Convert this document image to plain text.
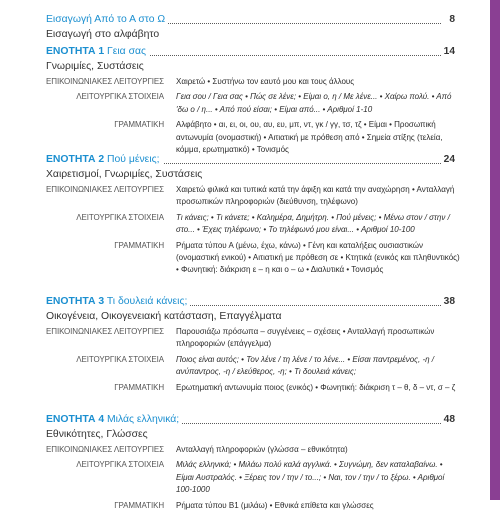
Εισαγωγή Από το Α στο Ω	8
Εισαγωγή στο αλφάβητο
ΕΝΟΤΗΤΑ 1 Γεια σας	14
Γνωριμίες, Συστάσεις
ΕΠΙΚΟΙΝΩΝΙΑΚΕΣ ΛΕΙΤΟΥΡΓΙΕΣ	Χαιρετώ • Συστήνω τον εαυτό μου και τους άλλους
ΛΕΙΤΟΥΡΓΙΚΑ ΣΤΟΙΧΕΙΑ	Γεια σου / Γεια σας • Πώς σε λένε; • Είμαι ο, η / Με λένε... • Χαίρω πολύ. • Από 'δω ο / η... • Από πού είσαι; • Είμαι από... • Αριθμοί 1-10
ΓΡΑΜΜΑΤΙΚΗ	Αλφάβητο • αι, ει, οι, ου, αυ, ευ, μπ, ντ, γκ / γγ, τσ, τζ • Είμαι • Προσωπική αντωνυμία (ονομαστική) • Αιτιατική με πρόθεση από • Σημεία στίξης (τελεία, κόμμα, ερωτηματικό) • Τονισμός
ΕΝΟΤΗΤΑ 2 Πού μένεις;	24
Χαιρετισμοί, Γνωριμίες, Συστάσεις
ΕΠΙΚΟΙΝΩΝΙΑΚΕΣ ΛΕΙΤΟΥΡΓΙΕΣ	Χαιρετώ φιλικά και τυπικά κατά την άφιξη και κατά την αναχώρηση • Ανταλλαγή προσωπικών πληροφοριών (διεύθυνση, τηλέφωνο)
ΛΕΙΤΟΥΡΓΙΚΑ ΣΤΟΙΧΕΙΑ	Τι κάνεις; • Τι κάνετε; • Καλημέρα, Δημήτρη. • Πού μένεις; • Μένω στον / στην / στο... • Έχεις τηλέφωνο; • Το τηλέφωνό μου είναι... • Αριθμοί 10-100
ΓΡΑΜΜΑΤΙΚΗ	Ρήματα τύπου Α (μένω, έχω, κάνω) • Γένη και καταλήξεις ουσιαστικών (ονομαστική ενικού) • Αιτιατική με πρόθεση σε • Κτητικά (ενικός και πληθυντικός) • Φωνητική: διάκριση ε – η και ο – ω • Διαλυτικά • Τονισμός
ΕΝΟΤΗΤΑ 3 Τι δουλειά κάνεις;	38
Οικογένεια, Οικογενειακή κατάσταση, Επαγγέλματα
ΕΠΙΚΟΙΝΩΝΙΑΚΕΣ ΛΕΙΤΟΥΡΓΙΕΣ	Παρουσιάζω πρόσωπα – συγγένειες – σχέσεις • Ανταλλαγή προσωπικών πληροφοριών (επάγγελμα)
ΛΕΙΤΟΥΡΓΙΚΑ ΣΤΟΙΧΕΙΑ	Ποιος είναι αυτός; • Τον λένε / τη λένε / το λένε... • Είσαι παντρεμένος, -η / ανύπαντρος, -η / ελεύθερος, -η; • Τι δουλειά κάνεις;
ΓΡΑΜΜΑΤΙΚΗ	Ερωτηματική αντωνυμία ποιος (ενικός) • Φωνητική: διάκριση τ – θ, δ – ντ, σ – ζ
ΕΝΟΤΗΤΑ 4 Μιλάς ελληνικά;	48
Εθνικότητες, Γλώσσες
ΕΠΙΚΟΙΝΩΝΙΑΚΕΣ ΛΕΙΤΟΥΡΓΙΕΣ	Ανταλλαγή πληροφοριών (γλώσσα – εθνικότητα)
ΛΕΙΤΟΥΡΓΙΚΑ ΣΤΟΙΧΕΙΑ	Μιλάς ελληνικά; • Μιλάω πολύ καλά αγγλικά. • Συγνώμη, δεν καταλαβαίνω. • Είμαι Αυστραλός. • Ξέρεις τον / την / το...; • Ναι, τον / την / το ξέρω. • Αριθμοί 100-1000
ΓΡΑΜΜΑΤΙΚΗ	Ρήματα τύπου Β1 (μιλάω) • Εθνικά επίθετα και γλώσσες
